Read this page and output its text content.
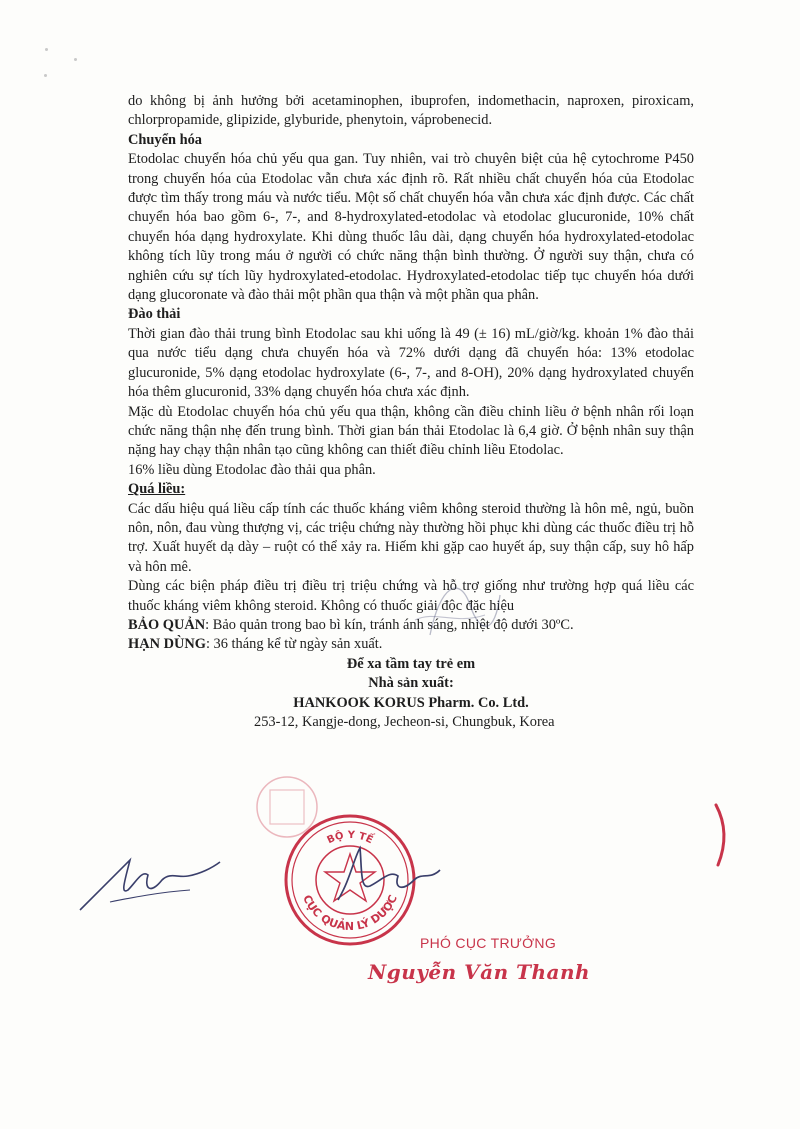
do không bị ảnh hưởng bởi acetaminophen, ibuprofen, indomethacin, naproxen, piroxicam, chlorpropamide, glipizide, glyburide, phenytoin, váprobenecid.

Chuyển hóa

Etodolac chuyển hóa chủ yếu qua gan. Tuy nhiên, vai trò chuyên biệt của hệ cytochrome P450 trong chuyển hóa của Etodolac vẫn chưa xác định rõ. Rất nhiều chất chuyển hóa của Etodolac được tìm thấy trong máu và nước tiểu. Một số chất chuyển hóa vẫn chưa xác định được. Các chất chuyển hóa bao gồm 6-, 7-, and 8-hydroxylated-etodolac và etodolac glucuronide, 10% chất chuyển hóa dạng hydroxylate. Khi dùng thuốc lâu dài, dạng chuyển hóa hydroxylated-etodolac không tích lũy trong máu ở người có chức năng thận bình thường. Ở người suy thận, chưa có nghiên cứu sự tích lũy hydroxylated-etodolac. Hydroxylated-etodolac tiếp tục chuyển hóa dưới dạng glucoronate và đào thải một phần qua thận và một phần qua phân.

Đào thải

Thời gian đào thải trung bình Etodolac sau khi uống là 49 (± 16) mL/giờ/kg. khoản 1% đào thải qua nước tiểu dạng chưa chuyển hóa và 72% dưới dạng đã chuyển hóa: 13% etodolac glucuronide, 5% dạng etodolac hydroxylate (6-, 7-, and 8-OH), 20% dạng hydroxylated chuyển hóa thêm glucuronid, 33% dạng chuyển hóa chưa xác định.

Mặc dù Etodolac chuyển hóa chủ yếu qua thận, không cần điều chỉnh liều ở bệnh nhân rối loạn chức năng thận nhẹ đến trung bình. Thời gian bán thải Etodolac là 6,4 giờ. Ở bệnh nhân suy thận nặng hay chạy thận nhân tạo cũng không can thiết điều chỉnh liều Etodolac.

16% liều dùng Etodolac đào thải qua phân.

Quá liều:

Các dấu hiệu quá liều cấp tính các thuốc kháng viêm không steroid thường là hôn mê, ngủ, buồn nôn, nôn, đau vùng thượng vị, các triệu chứng này thường hồi phục khi dùng các thuốc điều trị hỗ trợ. Xuất huyết dạ dày – ruột có thể xảy ra. Hiếm khi gặp cao huyết áp, suy thận cấp, suy hô hấp và hôn mê.

Dùng các biện pháp điều trị điều trị triệu chứng và hỗ trợ giống như trường hợp quá liều các thuốc kháng viêm không steroid. Không có thuốc giải độc đặc hiệu

BẢO QUẢN: Bảo quản trong bao bì kín, tránh ánh sáng, nhiệt độ dưới 30ºC.

HẠN DÙNG: 36 tháng kể từ ngày sản xuất.

Để xa tầm tay trẻ em

Nhà sản xuất:

HANKOOK KORUS Pharm. Co. Ltd.

253-12, Kangje-dong, Jecheon-si, Chungbuk, Korea

BỘ Y TẾ
CỤC QUẢN LÝ DƯỢC
PHÓ CỤC TRƯỞNG
Nguyễn Văn Thanh
